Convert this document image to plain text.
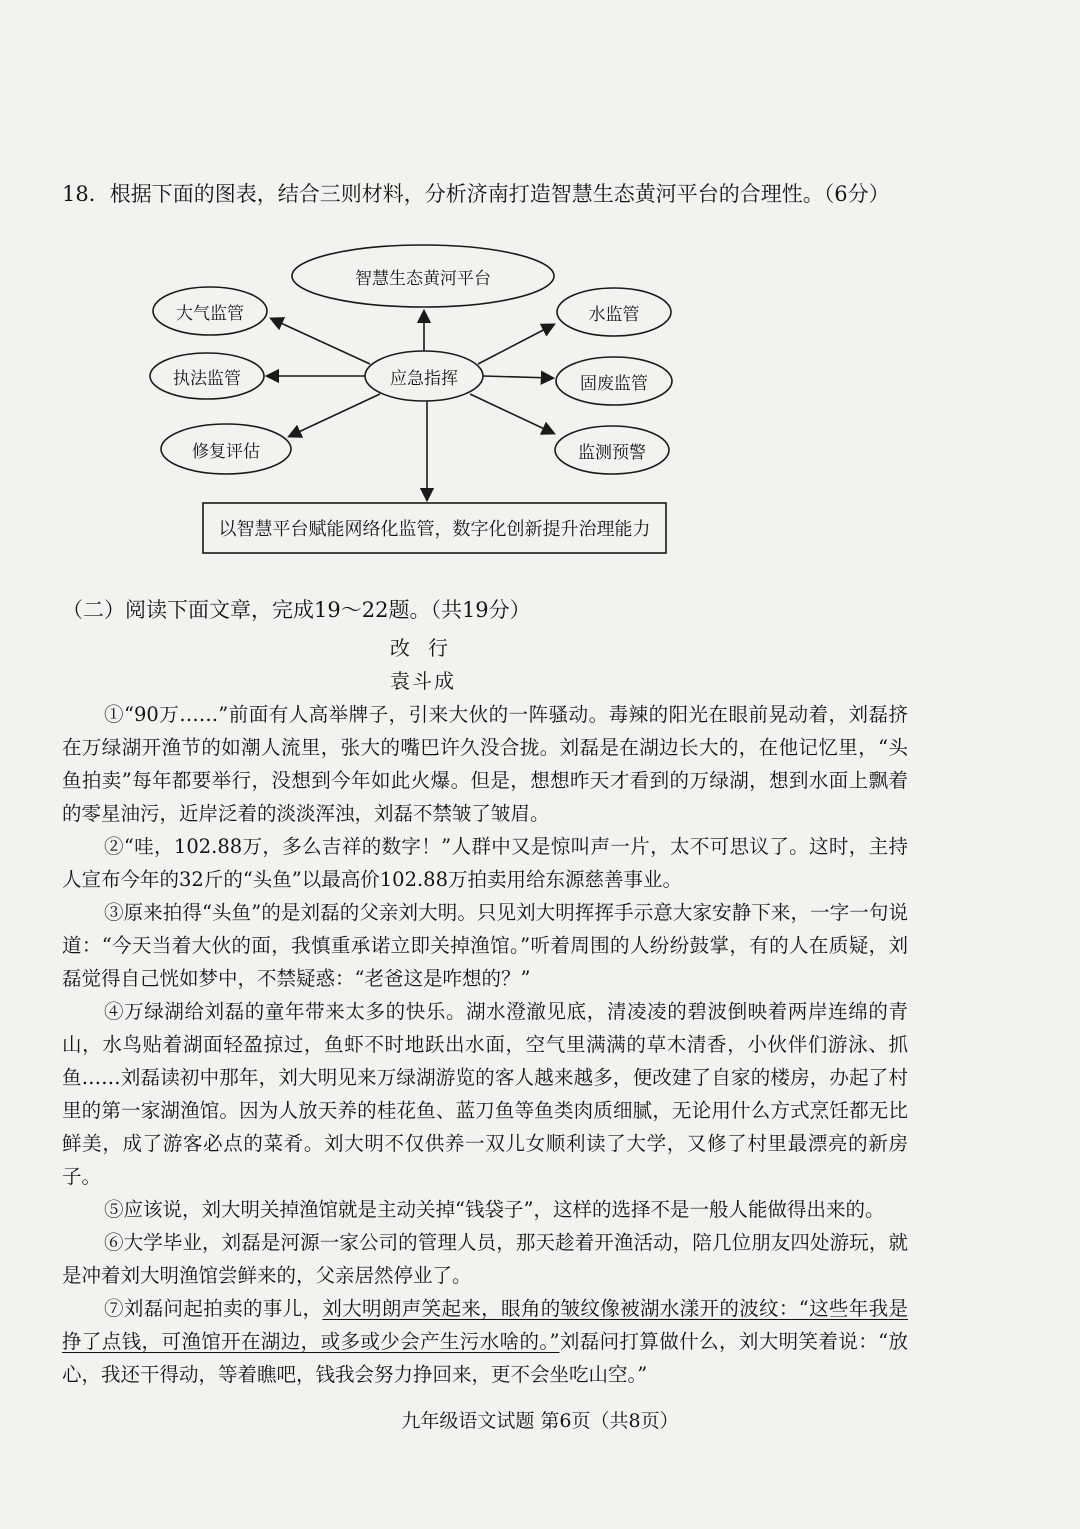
18．根据下面的图表，结合三则材料，分析济南打造智慧生态黄河平台的合理性。（6分）
智慧生态黄河平台
大气监管
执法监管
修复评估
水监管
固废监管
监测预警
应急指挥
以智慧平台赋能网络化监管，数字化创新提升治理能力
（二）阅读下面文章，完成19～22题。（共19分）
改行
袁斗成
①“90万……”前面有人高举牌子，引来大伙的一阵骚动。毒辣的阳光在眼前晃动着，刘磊挤在万绿湖开渔节的如潮人流里，张大的嘴巴许久没合拢。刘磊是在湖边长大的，在他记忆里，“头鱼拍卖”每年都要举行，没想到今年如此火爆。但是，想想昨天才看到的万绿湖，想到水面上飘着的零星油污，近岸泛着的淡淡浑浊，刘磊不禁皱了皱眉。
②“哇，102.88万，多么吉祥的数字！”人群中又是惊叫声一片，太不可思议了。这时，主持人宣布今年的32斤的“头鱼”以最高价102.88万拍卖用给东源慈善事业。
③原来拍得“头鱼”的是刘磊的父亲刘大明。只见刘大明挥挥手示意大家安静下来，一字一句说道：“今天当着大伙的面，我慎重承诺立即关掉渔馆。”听着周围的人纷纷鼓掌，有的人在质疑，刘磊觉得自己恍如梦中，不禁疑惑：“老爸这是咋想的？”
④万绿湖给刘磊的童年带来太多的快乐。湖水澄澈见底，清凌凌的碧波倒映着两岸连绵的青山，水鸟贴着湖面轻盈掠过，鱼虾不时地跃出水面，空气里满满的草木清香，小伙伴们游泳、抓鱼……刘磊读初中那年，刘大明见来万绿湖游览的客人越来越多，便改建了自家的楼房，办起了村里的第一家湖渔馆。因为人放天养的桂花鱼、蓝刀鱼等鱼类肉质细腻，无论用什么方式烹饪都无比鲜美，成了游客必点的菜肴。刘大明不仅供养一双儿女顺利读了大学，又修了村里最漂亮的新房子。
⑤应该说，刘大明关掉渔馆就是主动关掉“钱袋子”，这样的选择不是一般人能做得出来的。
⑥大学毕业，刘磊是河源一家公司的管理人员，那天趁着开渔活动，陪几位朋友四处游玩，就是冲着刘大明渔馆尝鲜来的，父亲居然停业了。
⑦刘磊问起拍卖的事儿，刘大明朗声笑起来，眼角的皱纹像被湖水漾开的波纹：“这些年我是挣了点钱，可渔馆开在湖边，或多或少会产生污水啥的。”刘磊问打算做什么，刘大明笑着说：“放心，我还干得动，等着瞧吧，钱我会努力挣回来，更不会坐吃山空。”
九年级语文试题 第6页（共8页）
